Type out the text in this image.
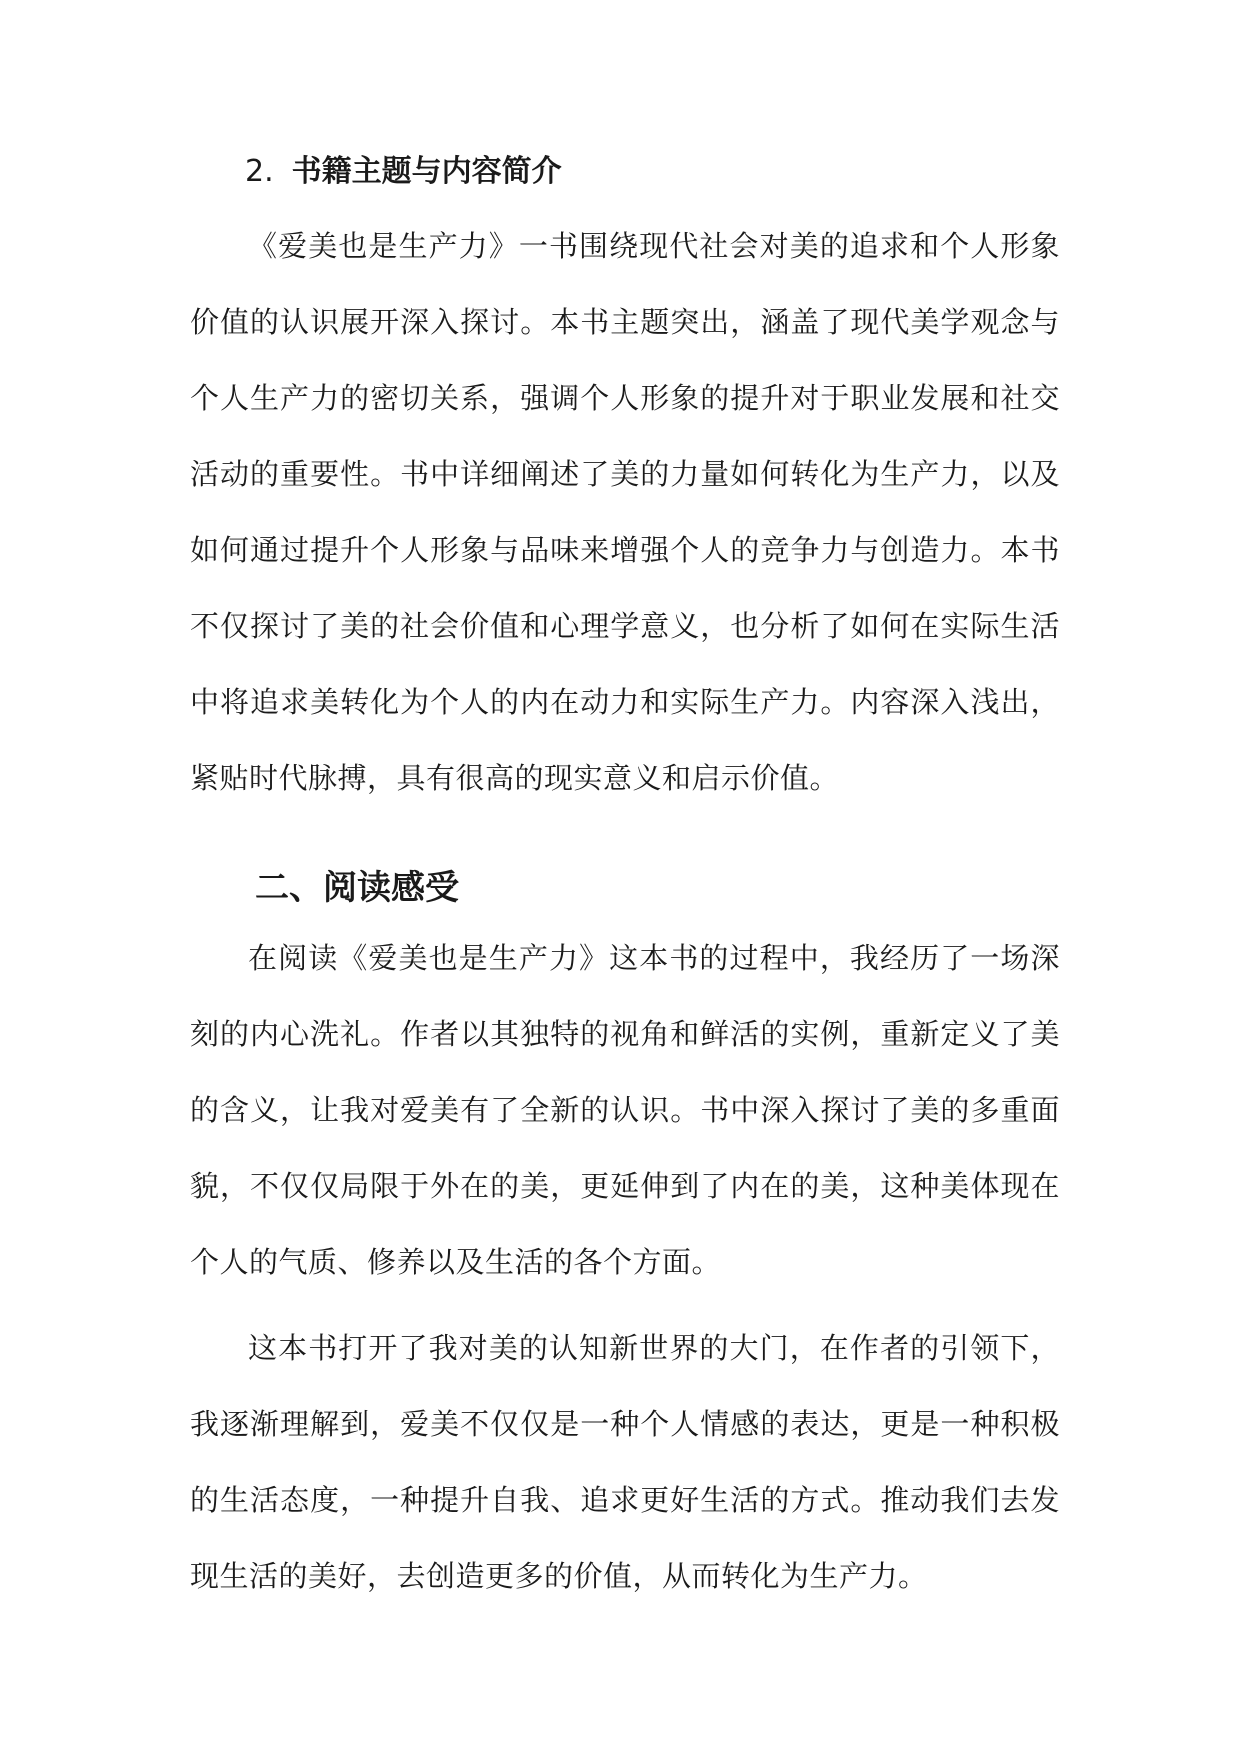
2. 书籍主题与内容简介

《爱美也是生产力》一书围绕现代社会对美的追求和个人形象价值的认识展开深入探讨。本书主题突出，涵盖了现代美学观念与个人生产力的密切关系，强调个人形象的提升对于职业发展和社交活动的重要性。书中详细阐述了美的力量如何转化为生产力，以及如何通过提升个人形象与品味来增强个人的竞争力与创造力。本书不仅探讨了美的社会价值和心理学意义，也分析了如何在实际生活中将追求美转化为个人的内在动力和实际生产力。内容深入浅出，紧贴时代脉搏，具有很高的现实意义和启示价值。

二、阅读感受

在阅读《爱美也是生产力》这本书的过程中，我经历了一场深刻的内心洗礼。作者以其独特的视角和鲜活的实例，重新定义了美的含义，让我对爱美有了全新的认识。书中深入探讨了美的多重面貌，不仅仅局限于外在的美，更延伸到了内在的美，这种美体现在个人的气质、修养以及生活的各个方面。

这本书打开了我对美的认知新世界的大门，在作者的引领下，我逐渐理解到，爱美不仅仅是一种个人情感的表达，更是一种积极的生活态度，一种提升自我、追求更好生活的方式。推动我们去发现生活的美好，去创造更多的价值，从而转化为生产力。
